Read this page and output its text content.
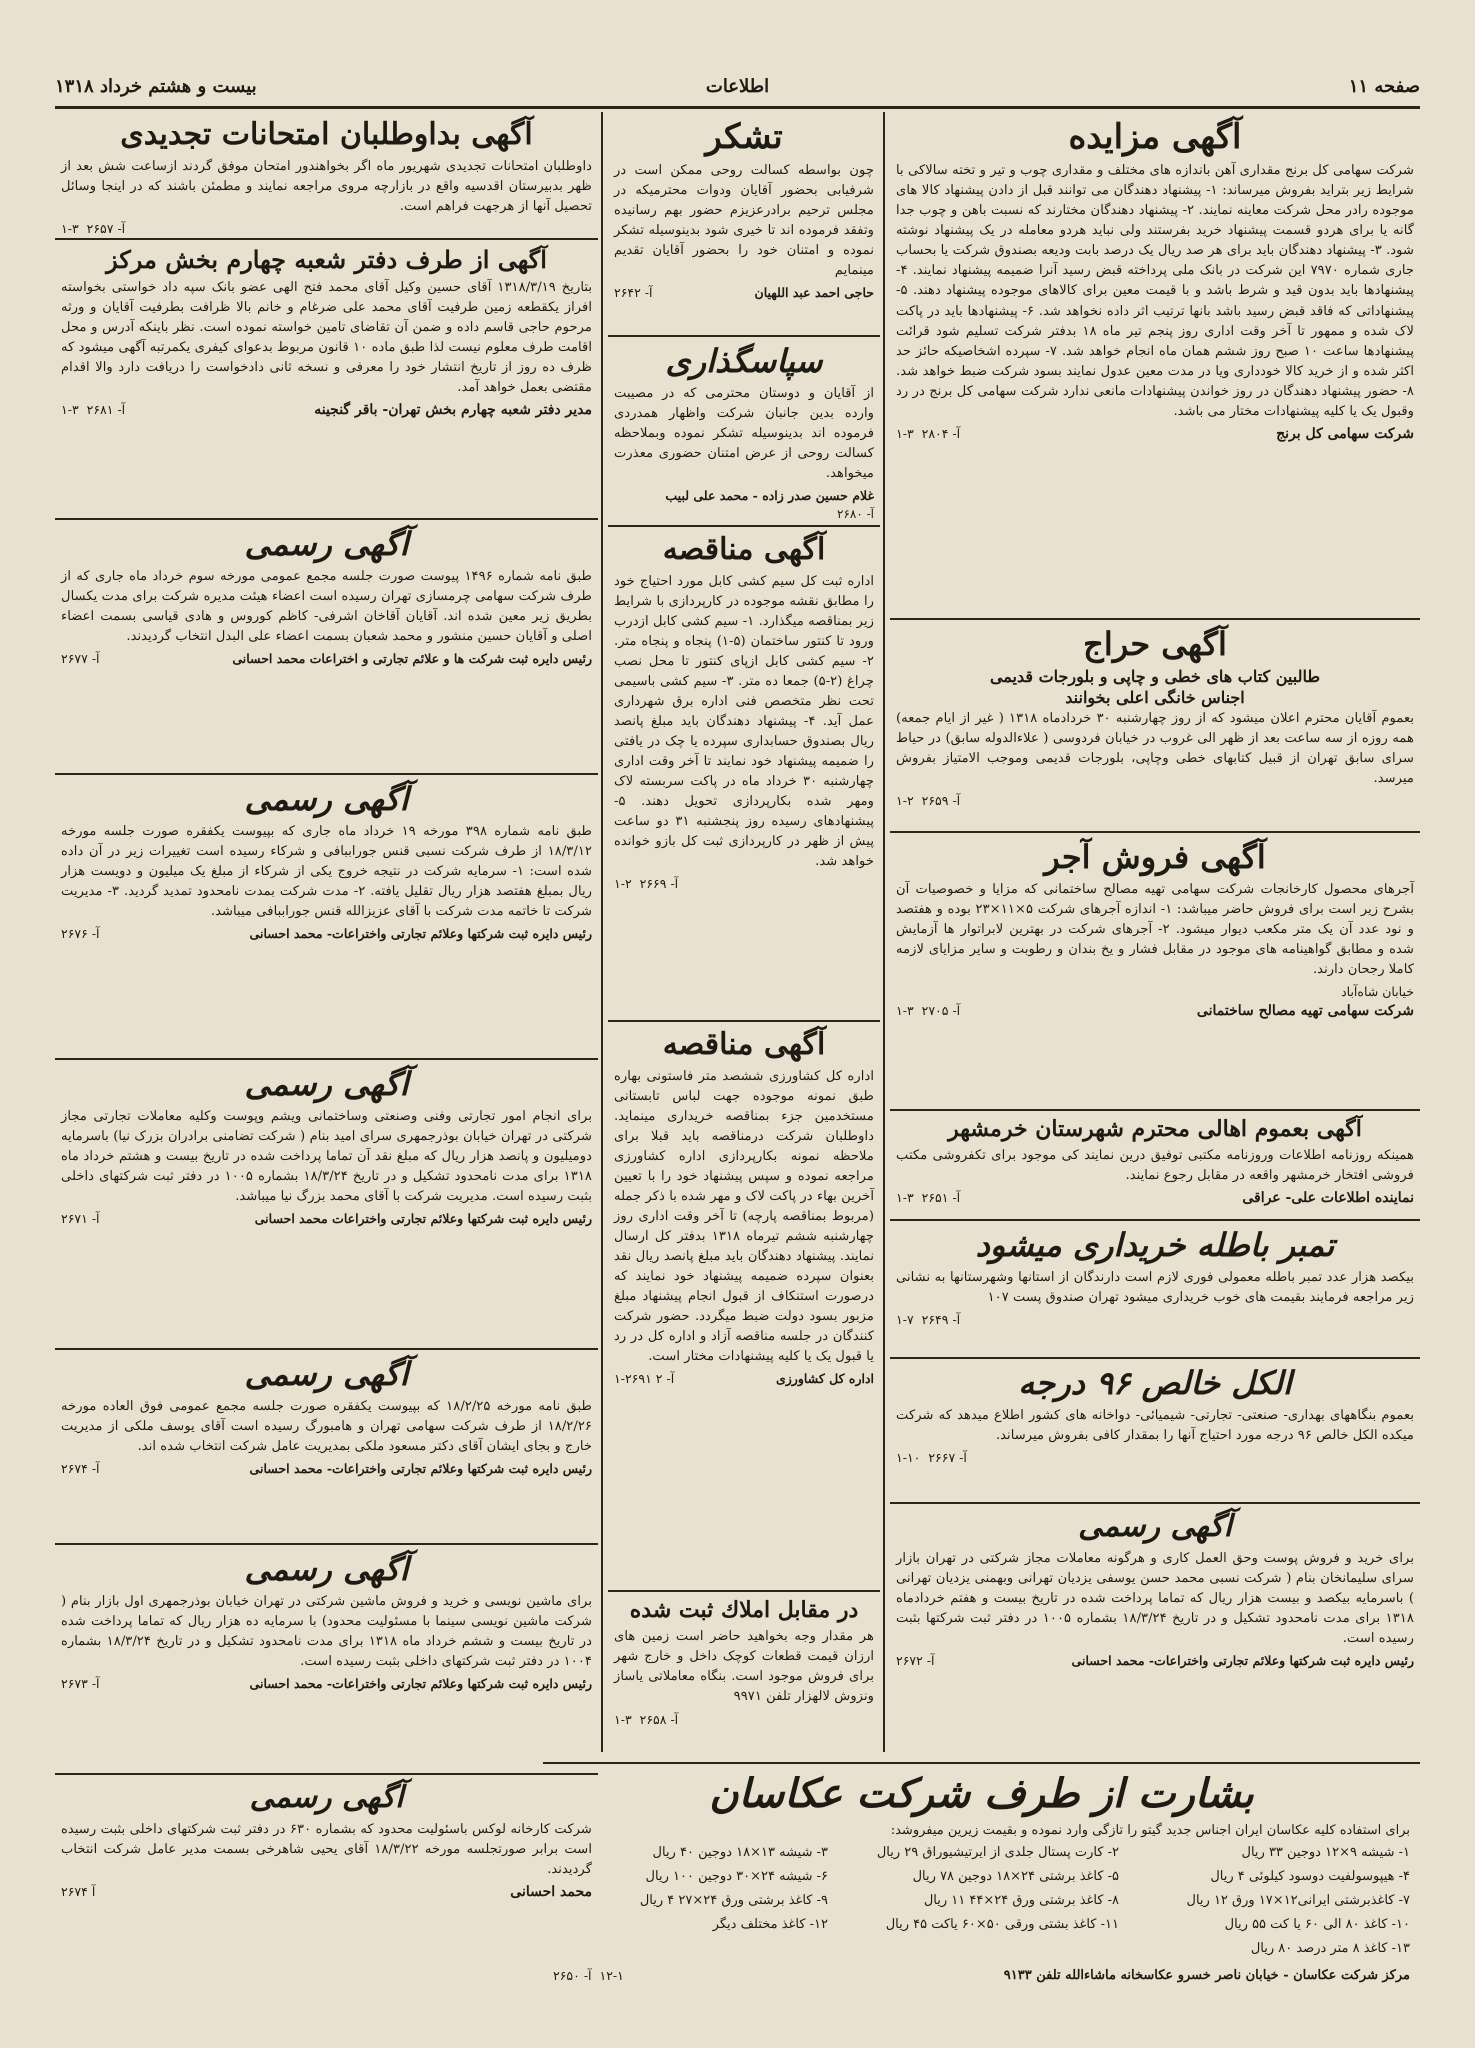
صفحه ۱۱
اطلاعات
بیست و هشتم خرداد ۱۳۱۸
آگهی مزایده

شرکت سهامی کل برنج مقداری آهن باندازه های مختلف و مقداری چوب و تیر و تخته سالاکی با شرایط زیر بتراید بفروش میرساند: ۱- پیشنهاد دهندگان می توانند قبل از دادن پیشنهاد کالا هاى موجوده رادر محل شرکت معاینه نمایند. ۲- پیشنهاد دهندگان مختارند که نسبت باهن و چوب جدا گانه یا برای هردو قسمت پیشنهاد خرید بفرستند ولی نباید هردو معامله در یک پیشنهاد نوشته شود. ۳- پیشنهاد دهندگان باید برای هر صد ریال یک درصد بابت ودیعه بصندوق شرکت یا بحساب جاری شماره ۷۹۷۰ این شرکت در بانک ملی پرداخته قبض رسید آنرا ضمیمه پیشنهاد نمایند. ۴- پیشنهادها باید بدون قید و شرط باشد و با قیمت معین برای کالاهای موجوده پیشنهاد دهند. ۵- پیشنهاداتی که فاقد قبض رسید باشد بانها ترتیب اثر داده نخواهد شد. ۶- پیشنهادها باید در پاکت لاک شده و ممهور تا آخر وقت اداری روز پنجم تیر ماه ۱۸ بدفتر شرکت تسلیم شود قرائت پیشنهادها ساعت ۱۰ صبح روز ششم همان ماه انجام خواهد شد. ۷- سپرده اشخاصیکه حائز حد اکثر شده و از خرید کالا خودداری ویا در مدت معین عدول نمایند بسود شرکت ضبط خواهد شد. ۸- حضور پیشنهاد دهندگان در روز خواندن پیشنهادات مانعی ندارد شرکت سهامی کل برنج در رد وقبول یک یا کلیه پیشنهادات مختار می باشد.

شرکت سهامی کل برنج
آ- ۲۸۰۴  ۳-۱
آگهی حراج
طالبین کتاب های خطی و چاپی و بلورجات قدیمی
اجناس خانگی اعلی بخوانند

بعموم آقایان محترم اعلان میشود که از روز چهارشنبه ۳۰ خردادماه ۱۳۱۸ ( غیر از ایام جمعه) همه روزه از سه ساعت بعد از ظهر الی غروب در خیابان فردوسی ( علاءالدوله سابق) در حیاط سرای سابق تهران از قبیل کتابهای خطی وچاپی، بلورجات قدیمی وموجب الامتیاز بفروش میرسد.

آ- ۲۶۵۹  ۲-۱
آگهی فروش آجر

آجرهای محصول کارخانجات شرکت سهامی تهیه مصالح ساختمانی که مزایا و خصوصیات آن بشرح زیر است برای فروش حاضر میباشد: ۱- اندازه آجرهای شرکت ۵×۱۱×۲۳ بوده و هفتصد و نود عدد آن یک متر مکعب دیوار میشود. ۲- آجرهای شرکت در بهترین لابراتوار ها آزمایش شده و مطابق گواهینامه های موجود در مقابل فشار و یخ بندان و رطوبت و سایر مزایای لازمه کاملا رجحان دارند.

خیابان شاه‌آباد
شرکت سهامی تهیه مصالح ساختمانی
آ- ۲۷۰۵  ۳-۱
آگهی بعموم اهالی محترم شهرستان خرمشهر

همینکه روزنامه اطلاعات وروزنامه مکتبی توفیق درین نمایند کی موجود برای تکفروشی مکتب فروشی افتخار خرمشهر واقعه در مقابل رجوع نمایند.

نماینده اطلاعات علی- عراقی
آ- ۲۶۵۱  ۳-۱
تمبر باطله خریداری میشود

بیکصد هزار عدد تمبر باطله معمولی فوری لازم است دارندگان از استانها وشهرستانها به نشانی زیر مراجعه فرمایند بقیمت های خوب خریداری میشود تهران صندوق پست ۱۰۷

آ- ۲۶۴۹  ۷-۱
الکل خالص ۹۶ درجه

بعموم بنگاههای بهداری- صنعتی- تجارتی- شیمیائی- دواخانه های کشور اطلاع میدهد که شرکت میکده الکل خالص ۹۶ درجه مورد احتیاج آنها را بمقدار کافی بفروش میرساند.

آ- ۲۶۶۷  ۱۰-۱
آگهی رسمی

برای خرید و فروش پوست وحق العمل کاری و هرگونه معاملات مجاز شرکتی در تهران بازار سرای سلیمانخان بنام ( شرکت نسبی محمد حسن یوسفی یزدیان تهرانی وبهمنی یزدیان تهرانی ) باسرمایه بیکصد و بیست هزار ریال که تماما پرداخت شده در تاریخ بیست و هفتم خردادماه ۱۳۱۸ برای مدت نامحدود تشکیل و در تاریخ ۱۸/۳/۲۴ بشماره ۱۰۰۵ در دفتر ثبت شرکتها بثبت رسیده است.

رئیس دایره ثبت شرکتها وعلائم تجارتی واختراعات- محمد احسانی
آ- ۲۶۷۲
تشکر

چون بواسطه کسالت روحی ممکن است در شرفیابی بحضور آقایان ودوات محترمیکه در مجلس ترحیم برادرعزیزم حضور بهم رسانیده وتفقد فرموده اند تا خیری شود بدینوسیله تشکر نموده و امتنان خود را بحضور آقایان تقدیم مینمایم

حاجی احمد عبد اللهیان
آ- ۲۶۴۲
سپاسگذاری

از آقایان و دوستان محترمی که در مصیبت وارده بدین جانبان شرکت واظهار همدردی فرموده اند بدینوسیله تشکر نموده وبملاحظه کسالت روحی از عرض امتنان حضوری معذرت میخواهد.

غلام حسین صدر زاده - محمد علی لبیب
آ- ۲۶۸۰
آگهی مناقصه

اداره ثبت کل سیم کشی کابل مورد احتیاج خود را مطابق نقشه موجوده در کارپردازی با شرایط زیر بمناقصه میگذارد. ۱- سیم کشی کابل ازدرب ورود تا کنتور ساختمان (۵-۱) پنجاه و پنجاه متر. ۲- سیم کشی کابل ازپای کنتور تا محل نصب چراغ (۲-۵) جمعا ده متر. ۳- سیم کشی باسیمی تحت نظر متخصص فنی اداره برق شهرداری عمل آید. ۴- پیشنهاد دهندگان باید مبلغ پانصد ریال بصندوق حسابداری سپرده یا چک در یافتی را ضمیمه پیشنهاد خود نمایند تا آخر وقت اداری چهارشنبه ۳۰ خرداد ماه در پاکت سربسته لاک ومهر شده بکارپردازی تحویل دهند. ۵- پیشنهادهای رسیده روز پنجشنبه ۳۱ دو ساعت پیش از ظهر در کارپردازی ثبت کل بازو خوانده خواهد شد.

آ- ۲۶۶۹  ۲-۱
آگهی مناقصه

اداره کل کشاورزی ششصد متر فاستونی بهاره طبق نمونه موجوده جهت لباس تابستانی مستخدمین جزء بمناقصه خریداری مینماید. داوطلبان شرکت درمناقصه باید قبلا برای ملاحظه نمونه بکارپردازی اداره کشاورزی مراجعه نموده و سپس پیشنهاد خود را با تعیین آخرین بهاء در پاکت لاک و مهر شده با ذکر جمله (مربوط بمناقصه پارچه) تا آخر وقت اداری روز چهارشنبه ششم تیرماه ۱۳۱۸ بدفتر کل ارسال نمایند. پیشنهاد دهندگان باید مبلغ پانصد ریال نقد بعنوان سپرده ضمیمه پیشنهاد خود نمایند که درصورت استنکاف از قبول انجام پیشنهاد مبلغ مزبور بسود دولت ضبط میگردد. حضور شرکت کنندگان در جلسه مناقصه آزاد و اداره کل در رد یا قبول یک یا کلیه پیشنهادات مختار است.

اداره کل کشاورزی
آ- ۲۶۹۱ ۲-۱
در مقابل املاك ثبت شده

هر مقدار وجه بخواهید حاضر است زمین های ارزان قیمت قطعات کوچک داخل و خارج شهر برای فروش موجود است. بنگاه معاملاتی یاساز ونزوش لالهزار تلفن ۹۹۷۱

آ- ۲۶۵۸  ۳-۱
آگهی بداوطلبان امتحانات تجدیدی

داوطلبان امتحانات تجدیدی شهریور ماه اگر بخواهندور امتحان موفق گردند ازساعت شش بعد از ظهر بدبیرستان اقدسیه واقع در بازارچه مروی مراجعه نمایند و مطمئن باشند که در اینجا وسائل تحصیل آنها از هرجهت فراهم است.

آ- ۲۶۵۷  ۳-۱
آگهی از طرف دفتر شعبه چهارم بخش مرکز

بتاریخ ۱۳۱۸/۳/۱۹ آقای حسین وکیل آقای محمد فتح الهی عضو بانک سپه داد خواستی بخواسته افراز یکقطعه زمین طرفیت آقای محمد علی ضرغام و خانم بالا ظرافت بطرفیت آقایان و ورثه مرحوم حاجی قاسم داده و ضمن آن تقاضای تامین خواسته نموده است. نظر باینکه آدرس و محل اقامت طرف معلوم نیست لذا طبق ماده ۱۰ قانون مربوط بدعوای کیفری یکمرتبه آگهی میشود که ظرف ده روز از تاریخ انتشار خود را معرفی و نسخه ثانی دادخواست را دریافت دارد والا اقدام مقتضی بعمل خواهد آمد.

مدیر دفتر شعبه چهارم بخش تهران- باقر گنجینه
آ- ۲۶۸۱  ۳-۱
آگهی رسمی

طبق نامه شماره ۱۴۹۶ پیوست صورت جلسه مجمع عمومی مورخه سوم خرداد ماه جاری که از طرف شرکت سهامی چرمسازی تهران رسیده است اعضاء هیئت مدیره شرکت برای مدت یکسال بطریق زیر معین شده اند. آقایان آقاخان اشرفی- کاظم کوروس و هادی قیاسی بسمت اعضاء اصلی و آقایان حسین منشور و محمد شعبان بسمت اعضاء علی البدل انتخاب گردیدند.

رئیس دایره ثبت شرکت ها و علائم تجارتی و اختراعات محمد احسانی
آ- ۲۶۷۷
آگهی رسمی

طبق نامه شماره ۳۹۸ مورخه ۱۹ خرداد ماه جاری که بپیوست یکفقره صورت جلسه مورخه ۱۸/۳/۱۲ از طرف شرکت نسبی قنس جوراببافی و شرکاء رسیده است تغییرات زیر در آن داده شده است: ۱- سرمایه شرکت در نتیجه خروج یکی از شرکاء از مبلغ یک میلیون و دویست هزار ریال بمبلغ هفتصد هزار ریال تقلیل یافته. ۲- مدت شرکت بمدت نامحدود تمدید گردید. ۳- مدیریت شرکت تا خاتمه مدت شرکت با آقای عزیزالله قنس جوراببافی میباشد.

رئیس دایره ثبت شرکتها وعلائم تجارتی واختراعات- محمد احسانی
آ- ۲۶۷۶
آگهی رسمی

برای انجام امور تجارتی وفنی وصنعتی وساختمانی ویشم وپوست وکلیه معاملات تجارتی مجاز شرکتی در تهران خیابان بوذرجمهری سرای امید بنام ( شرکت تضامنی برادران بزرک نیا) باسرمایه دومیلیون و پانصد هزار ریال که مبلغ نقد آن تماما پرداخت شده در تاریخ بیست و هشتم خرداد ماه ۱۳۱۸ برای مدت نامحدود تشکیل و در تاریخ ۱۸/۳/۲۴ بشماره ۱۰۰۵ در دفتر ثبت شرکتهای داخلی بثبت رسیده است. مدیریت شرکت با آقای محمد بزرگ نیا میباشد.

رئیس دایره ثبت شرکتها وعلائم تجارتی واختراعات محمد احسانی
آ- ۲۶۷۱
آگهی رسمی

طبق نامه مورخه ۱۸/۲/۲۵ که بپیوست یکفقره صورت جلسه مجمع عمومی فوق العاده مورخه ۱۸/۲/۲۶ از طرف شرکت سهامی تهران و هامبورگ رسیده است آقای یوسف ملکی از مدیریت خارج و بجای ایشان آقای دکتر مسعود ملکی بمدیریت عامل شرکت انتخاب شده اند.

رئیس دایره ثبت شرکتها وعلائم تجارتی واختراعات- محمد احسانی
آ- ۲۶۷۴
آگهی رسمی

برای ماشین نویسی و خرید و فروش ماشین شرکتی در تهران خیابان بوذرجمهری اول بازار بنام ( شرکت ماشین نویسی سینما با مسئولیت محدود) با سرمایه ده هزار ریال که تماما پرداخت شده در تاریخ بیست و ششم خرداد ماه ۱۳۱۸ برای مدت نامحدود تشکیل و در تاریخ ۱۸/۳/۲۴ بشماره ۱۰۰۴ در دفتر ثبت شرکتهای داخلی بثبت رسیده است.

رئیس دایره ثبت شرکتها وعلائم تجارتی واختراعات- محمد احسانی
آ- ۲۶۷۳
آگهی رسمی

شرکت کارخانه لوکس باسئولیت محدود که بشماره ۶۳۰ در دفتر ثبت شرکتهای داخلی بثبت رسیده است برابر صورتجلسه مورخه ۱۸/۳/۲۲ آقای یحیی شاهرخی بسمت مدیر عامل شرکت انتخاب گردیدند.

محمد احسانی
آ ۲۶۷۴
بشارت از طرف شرکت عکاسان

برای استفاده کلیه عکاسان ایران اجناس جدید گیتو را تازگی وارد نموده و بقیمت زیرین میفروشد:

۱- شیشه ۹×۱۲ دوجین ۳۳ ریال
۲- کارت پستال جلدی از ایرتیشیوراق ۲۹ ریال
۳- شیشه ۱۳×۱۸ دوجین ۴۰ ریال
۴- هیپوسولفیت دوسود کیلوئی ۴ ریال
۵- کاغذ برشتی ۲۴×۱۸ دوجین ۷۸ ریال
۶- شیشه ۲۴×۳۰ دوجین ۱۰۰ ریال
۷- کاغذبرشتی ایرانی۱۲×۱۷ ورق ۱۲ ریال
۸- کاغذ برشتی ورق ۲۴×۴۴ ۱۱ ریال
۹- کاغذ برشتی ورق ۲۴×۲۷ ۴ ریال
۱۰- کاغذ ۸۰ الی ۶۰ یا کت ۵۵ ریال
۱۱- کاغذ بشتی ورقی ۵۰×۶۰ یاکت ۴۵ ریال
۱۲- کاغذ مختلف دیگر
۱۳- کاغذ ۸ متر درصد ۸۰ ریال
مرکز شرکت عکاسان - خیابان ناصر خسرو عکاسخانه ماشاءالله تلفن ۹۱۳۳
۱۲-۱  آ- ۲۶۵۰
